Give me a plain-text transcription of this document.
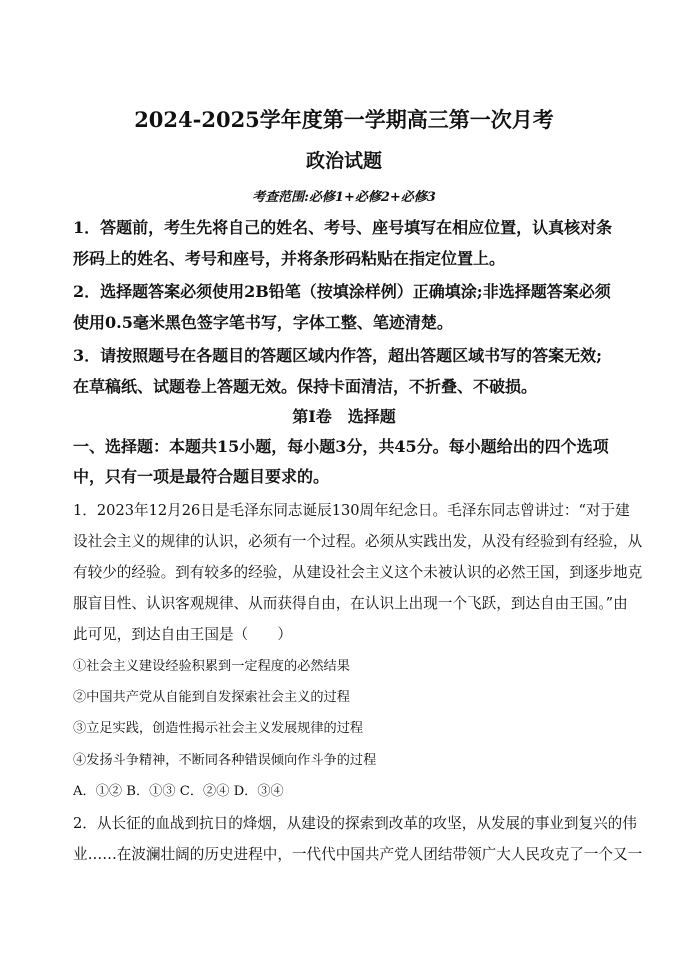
2024-2025学年度第一学期高三第一次月考
政治试题
考查范围:必修1+必修2+必修3
1．答题前，考生先将自己的姓名、考号、座号填写在相应位置，认真核对条
形码上的姓名、考号和座号，并将条形码粘贴在指定位置上。
2．选择题答案必须使用2B铅笔（按填涂样例）正确填涂;非选择题答案必须
使用0.5毫米黑色签字笔书写，字体工整、笔迹清楚。
3．请按照题号在各题目的答题区域内作答，超出答题区域书写的答案无效;
在草稿纸、试题卷上答题无效。保持卡面清洁，不折叠、不破损。
第Ⅰ卷　选择题
一、选择题：本题共15小题，每小题3分，共45分。每小题给出的四个选项
中，只有一项是最符合题目要求的。
1．2023年12月26日是毛泽东同志诞辰130周年纪念日。毛泽东同志曾讲过：“对于建
设社会主义的规律的认识，必须有一个过程。必须从实践出发，从没有经验到有经验，从
有较少的经验。到有较多的经验，从建设社会主义这个未被认识的必然王国，到逐步地克
服盲目性、认识客观规律、从而获得自由，在认识上出现一个飞跃，到达自由王国。”由
此可见，到达自由王国是（　　）
①社会主义建设经验积累到一定程度的必然结果
②中国共产党从自能到自发探索社会主义的过程
③立足实践，创造性揭示社会主义发展规律的过程
④发扬斗争精神，不断同各种错误倾向作斗争的过程
A．①② B．①③ C．②④ D．③④
2．从长征的血战到抗日的烽烟，从建设的探索到改革的攻坚，从发展的事业到复兴的伟
业……在波澜壮阔的历史进程中，一代代中国共产党人团结带领广大人民攻克了一个又一
